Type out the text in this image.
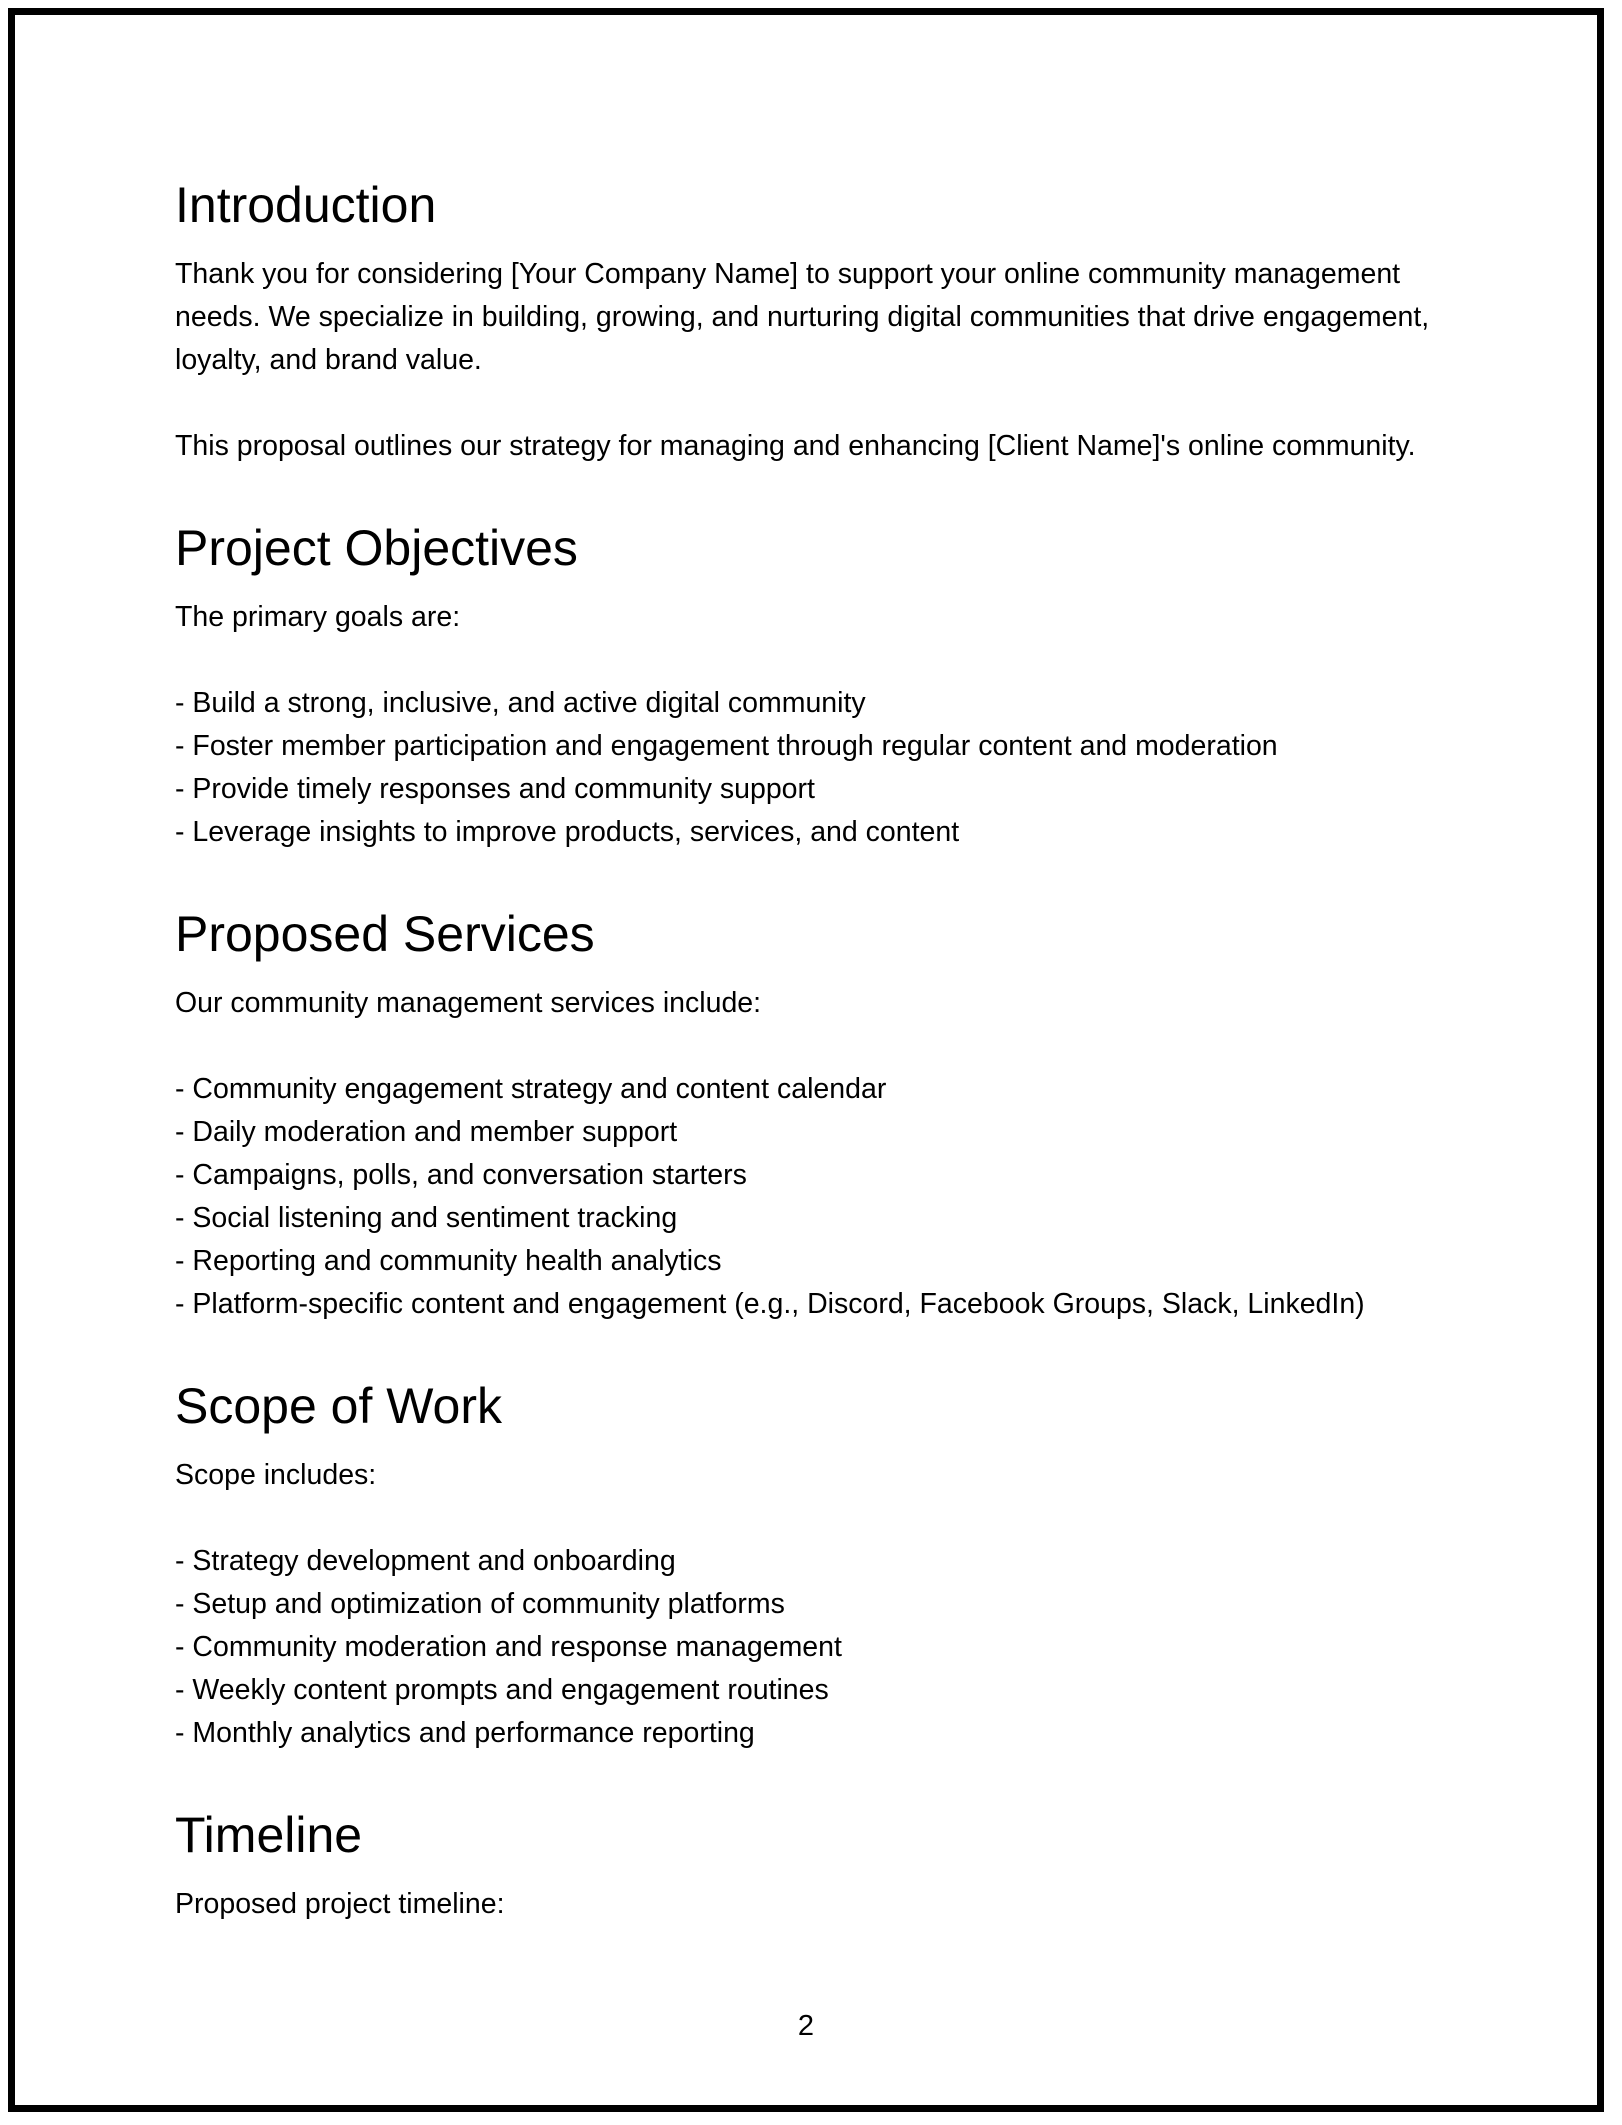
Introduction

Thank you for considering [Your Company Name] to support your online community management needs. We specialize in building, growing, and nurturing digital communities that drive engagement, loyalty, and brand value.

This proposal outlines our strategy for managing and enhancing [Client Name]'s online community.

Project Objectives

The primary goals are:

- Build a strong, inclusive, and active digital community
- Foster member participation and engagement through regular content and moderation
- Provide timely responses and community support
- Leverage insights to improve products, services, and content
Proposed Services

Our community management services include:

- Community engagement strategy and content calendar
- Daily moderation and member support
- Campaigns, polls, and conversation starters
- Social listening and sentiment tracking
- Reporting and community health analytics
- Platform-specific content and engagement (e.g., Discord, Facebook Groups, Slack, LinkedIn)
Scope of Work

Scope includes:

- Strategy development and onboarding
- Setup and optimization of community platforms
- Community moderation and response management
- Weekly content prompts and engagement routines
- Monthly analytics and performance reporting
Timeline

Proposed project timeline:

2
